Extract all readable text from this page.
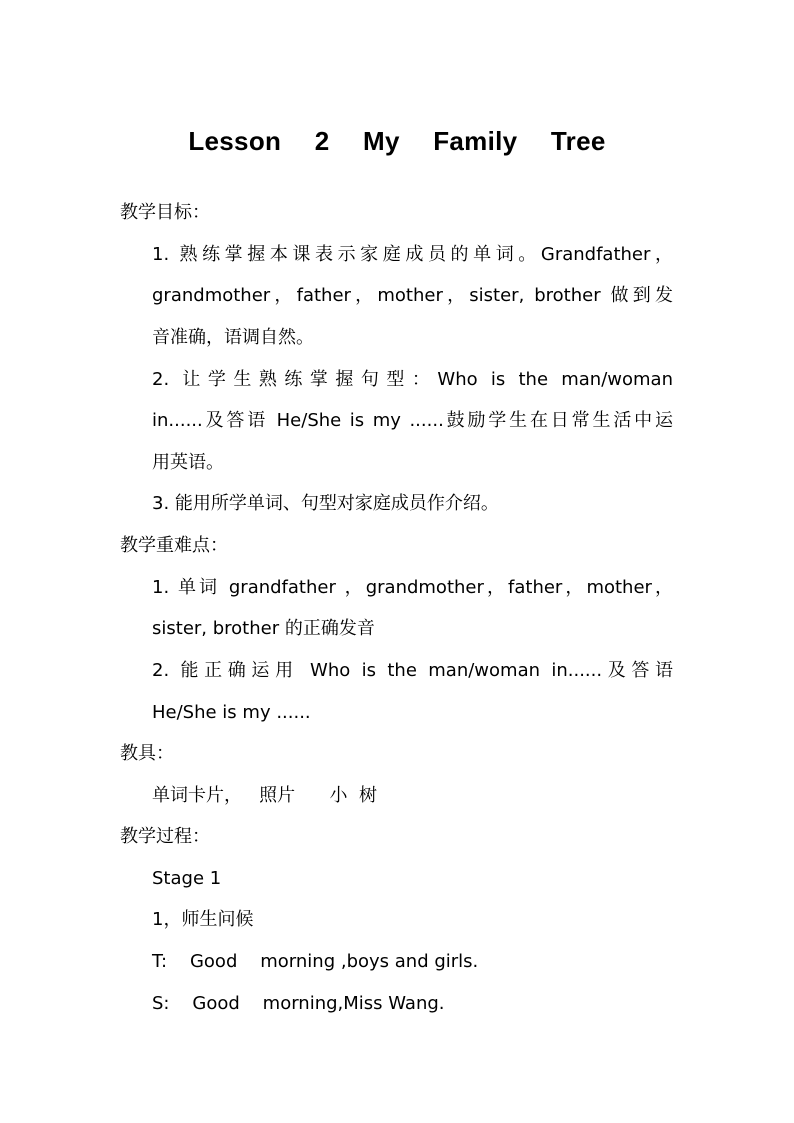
Lesson 2 My Family Tree
教学目标：
1. 熟练掌握本课表示家庭成员的单词。Grandfather，
grandmother，father，mother，sister, brother 做到发
音准确，语调自然。
2. 让学生熟练掌握句型：Who is the man/woman
in......及答语 He/She is my ......鼓励学生在日常生活中运
用英语。
3. 能用所学单词、句型对家庭成员作介绍。
教学重难点：
1. 单词 grandfather ，grandmother，father，mother，
sister, brother 的正确发音
2. 能正确运用 Who is the man/woman in......及答语
He/She is my ......
教具：
单词卡片，   照片      小  树
教学过程：
Stage 1
1，师生问候
T:    Good    morning ,boys and girls.
S:    Good    morning,Miss Wang.
